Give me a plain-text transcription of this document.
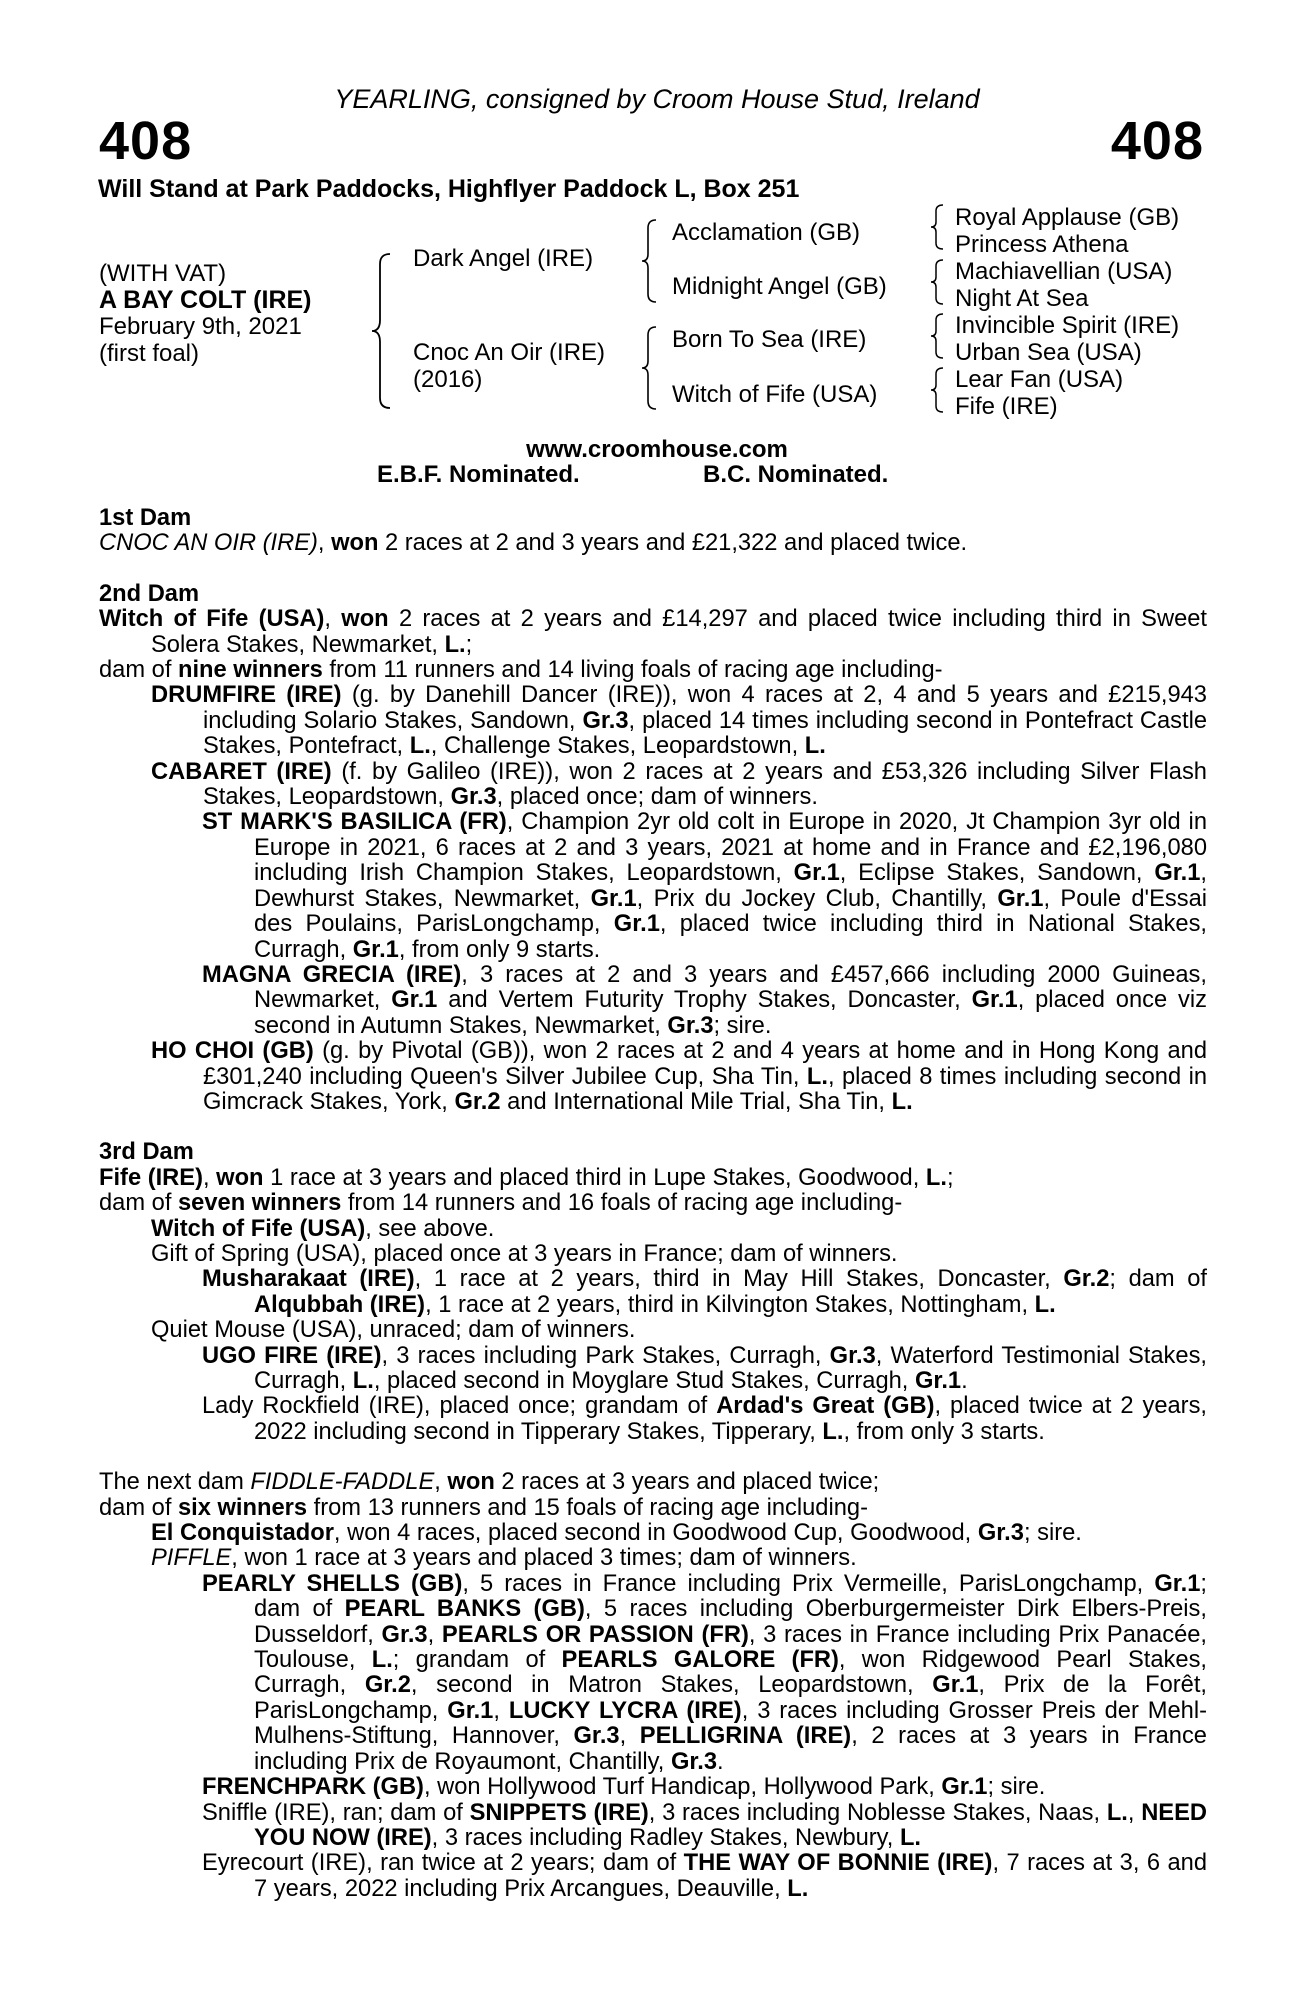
YEARLING, consigned by Croom House Stud, Ireland
408	408
Will Stand at Park Paddocks, Highflyer Paddock L, Box 251
(WITH VAT)
A BAY COLT (IRE)
February 9th, 2021
(first foal)
Dark Angel (IRE)
Cnoc An Oir (IRE)
(2016)
Acclamation (GB)
Midnight Angel (GB)
Born To Sea (IRE)
Witch of Fife (USA)
Royal Applause (GB)
Princess Athena
Machiavellian (USA)
Night At Sea
Invincible Spirit (IRE)
Urban Sea (USA)
Lear Fan (USA)
Fife (IRE)
www.croomhouse.com
E.B.F. Nominated.	B.C. Nominated.
1st Dam
CNOC AN OIR (IRE), won 2 races at 2 and 3 years and £21,322 and placed twice.
2nd Dam
Witch of Fife (USA), won 2 races at 2 years and £14,297 and placed twice including third in Sweet Solera Stakes, Newmarket, L.;
dam of nine winners from 11 runners and 14 living foals of racing age including-
DRUMFIRE (IRE) (g. by Danehill Dancer (IRE)), won 4 races at 2, 4 and 5 years and £215,943 including Solario Stakes, Sandown, Gr.3, placed 14 times including second in Pontefract Castle Stakes, Pontefract, L., Challenge Stakes, Leopardstown, L.
CABARET (IRE) (f. by Galileo (IRE)), won 2 races at 2 years and £53,326 including Silver Flash Stakes, Leopardstown, Gr.3, placed once; dam of winners.
ST MARK'S BASILICA (FR), Champion 2yr old colt in Europe in 2020, Jt Champion 3yr old in Europe in 2021, 6 races at 2 and 3 years, 2021 at home and in France and £2,196,080 including Irish Champion Stakes, Leopardstown, Gr.1, Eclipse Stakes, Sandown, Gr.1, Dewhurst Stakes, Newmarket, Gr.1, Prix du Jockey Club, Chantilly, Gr.1, Poule d'Essai des Poulains, ParisLongchamp, Gr.1, placed twice including third in National Stakes, Curragh, Gr.1, from only 9 starts.
MAGNA GRECIA (IRE), 3 races at 2 and 3 years and £457,666 including 2000 Guineas, Newmarket, Gr.1 and Vertem Futurity Trophy Stakes, Doncaster, Gr.1, placed once viz second in Autumn Stakes, Newmarket, Gr.3; sire.
HO CHOI (GB) (g. by Pivotal (GB)), won 2 races at 2 and 4 years at home and in Hong Kong and £301,240 including Queen's Silver Jubilee Cup, Sha Tin, L., placed 8 times including second in Gimcrack Stakes, York, Gr.2 and International Mile Trial, Sha Tin, L.
3rd Dam
Fife (IRE), won 1 race at 3 years and placed third in Lupe Stakes, Goodwood, L.;
dam of seven winners from 14 runners and 16 foals of racing age including-
Witch of Fife (USA), see above.
Gift of Spring (USA), placed once at 3 years in France; dam of winners.
Musharakaat (IRE), 1 race at 2 years, third in May Hill Stakes, Doncaster, Gr.2; dam of Alqubbah (IRE), 1 race at 2 years, third in Kilvington Stakes, Nottingham, L.
Quiet Mouse (USA), unraced; dam of winners.
UGO FIRE (IRE), 3 races including Park Stakes, Curragh, Gr.3, Waterford Testimonial Stakes, Curragh, L., placed second in Moyglare Stud Stakes, Curragh, Gr.1.
Lady Rockfield (IRE), placed once; grandam of Ardad's Great (GB), placed twice at 2 years, 2022 including second in Tipperary Stakes, Tipperary, L., from only 3 starts.
The next dam FIDDLE-FADDLE, won 2 races at 3 years and placed twice;
dam of six winners from 13 runners and 15 foals of racing age including-
El Conquistador, won 4 races, placed second in Goodwood Cup, Goodwood, Gr.3; sire.
PIFFLE, won 1 race at 3 years and placed 3 times; dam of winners.
PEARLY SHELLS (GB), 5 races in France including Prix Vermeille, ParisLongchamp, Gr.1; dam of PEARL BANKS (GB), 5 races including Oberburgermeister Dirk Elbers-Preis, Dusseldorf, Gr.3, PEARLS OR PASSION (FR), 3 races in France including Prix Panacée, Toulouse, L.; grandam of PEARLS GALORE (FR), won Ridgewood Pearl Stakes, Curragh, Gr.2, second in Matron Stakes, Leopardstown, Gr.1, Prix de la Forêt, ParisLongchamp, Gr.1, LUCKY LYCRA (IRE), 3 races including Grosser Preis der Mehl-Mulhens-Stiftung, Hannover, Gr.3, PELLIGRINA (IRE), 2 races at 3 years in France including Prix de Royaumont, Chantilly, Gr.3.
FRENCHPARK (GB), won Hollywood Turf Handicap, Hollywood Park, Gr.1; sire.
Sniffle (IRE), ran; dam of SNIPPETS (IRE), 3 races including Noblesse Stakes, Naas, L., NEED YOU NOW (IRE), 3 races including Radley Stakes, Newbury, L.
Eyrecourt (IRE), ran twice at 2 years; dam of THE WAY OF BONNIE (IRE), 7 races at 3, 6 and 7 years, 2022 including Prix Arcangues, Deauville, L.
